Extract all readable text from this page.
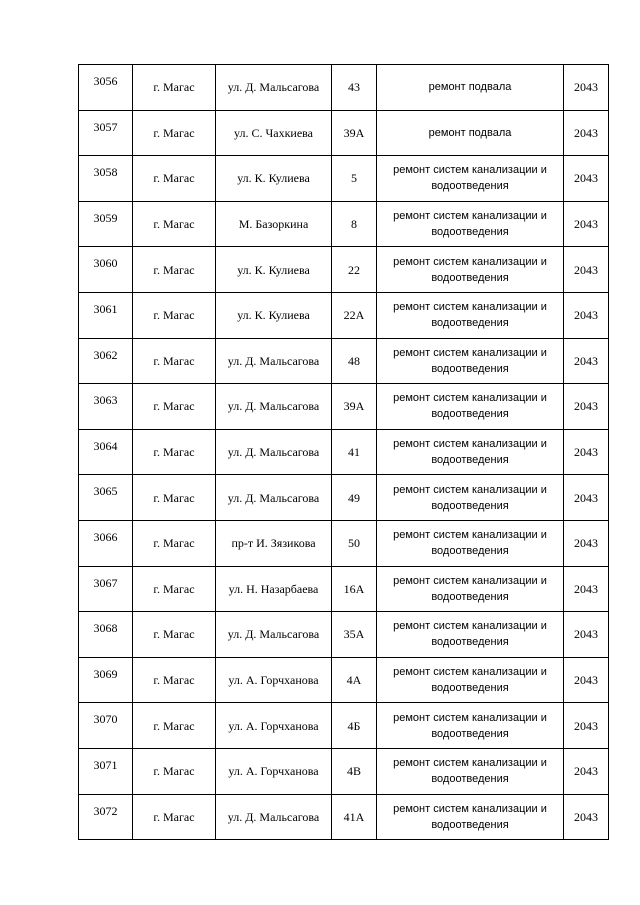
3056	г. Магас	ул. Д. Мальсагова	43	ремонт подвала	2043
3057	г. Магас	ул. С. Чахкиева	39А	ремонт подвала	2043
3058	г. Магас	ул. К. Кулиева	5	ремонт систем канализации и водоотведения	2043
3059	г. Магас	М. Базоркина	8	ремонт систем канализации и водоотведения	2043
3060	г. Магас	ул. К. Кулиева	22	ремонт систем канализации и водоотведения	2043
3061	г. Магас	ул. К. Кулиева	22А	ремонт систем канализации и водоотведения	2043
3062	г. Магас	ул. Д. Мальсагова	48	ремонт систем канализации и водоотведения	2043
3063	г. Магас	ул. Д. Мальсагова	39А	ремонт систем канализации и водоотведения	2043
3064	г. Магас	ул. Д. Мальсагова	41	ремонт систем канализации и водоотведения	2043
3065	г. Магас	ул. Д. Мальсагова	49	ремонт систем канализации и водоотведения	2043
3066	г. Магас	пр-т И. Зязикова	50	ремонт систем канализации и водоотведения	2043
3067	г. Магас	ул. Н. Назарбаева	16А	ремонт систем канализации и водоотведения	2043
3068	г. Магас	ул. Д. Мальсагова	35А	ремонт систем канализации и водоотведения	2043
3069	г. Магас	ул. А. Горчханова	4А	ремонт систем канализации и водоотведения	2043
3070	г. Магас	ул. А. Горчханова	4Б	ремонт систем канализации и водоотведения	2043
3071	г. Магас	ул. А. Горчханова	4В	ремонт систем канализации и водоотведения	2043
3072	г. Магас	ул. Д. Мальсагова	41А	ремонт систем канализации и водоотведения	2043
